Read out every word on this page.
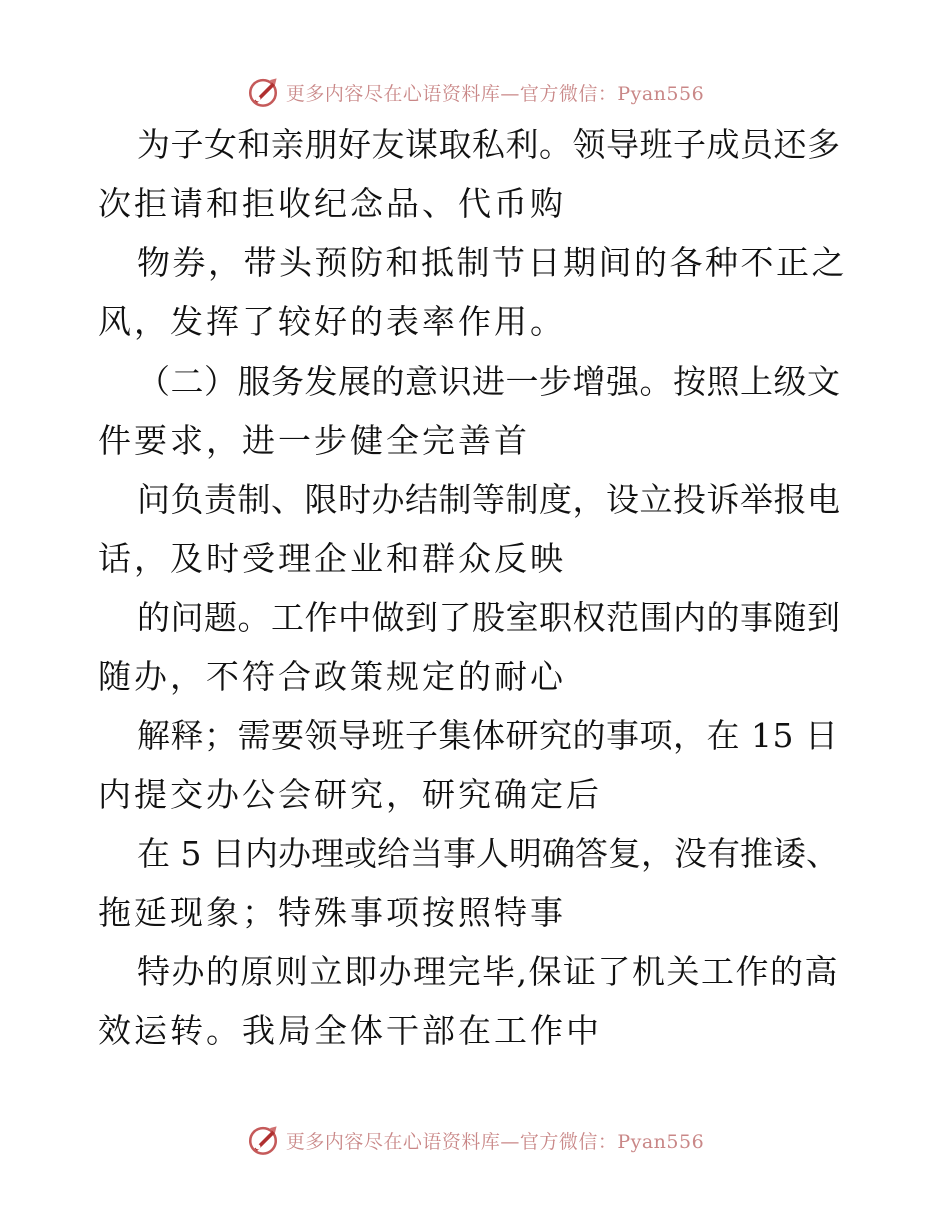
更多内容尽在心语资料库—官方微信：Pyan556
为子女和亲朋好友谋取私利。领导班子成员还多
次拒请和拒收纪念品、代币购
物券，带头预防和抵制节日期间的各种不正之
风，发挥了较好的表率作用。
（二）服务发展的意识进一步增强。按照上级文
件要求，进一步健全完善首
问负责制、限时办结制等制度，设立投诉举报电
话，及时受理企业和群众反映
的问题。工作中做到了股室职权范围内的事随到
随办，不符合政策规定的耐心
解释；需要领导班子集体研究的事项，在 15 日
内提交办公会研究，研究确定后
在 5 日内办理或给当事人明确答复，没有推诿、
拖延现象；特殊事项按照特事
特办的原则立即办理完毕,保证了机关工作的高
效运转。我局全体干部在工作中
更多内容尽在心语资料库—官方微信：Pyan556
